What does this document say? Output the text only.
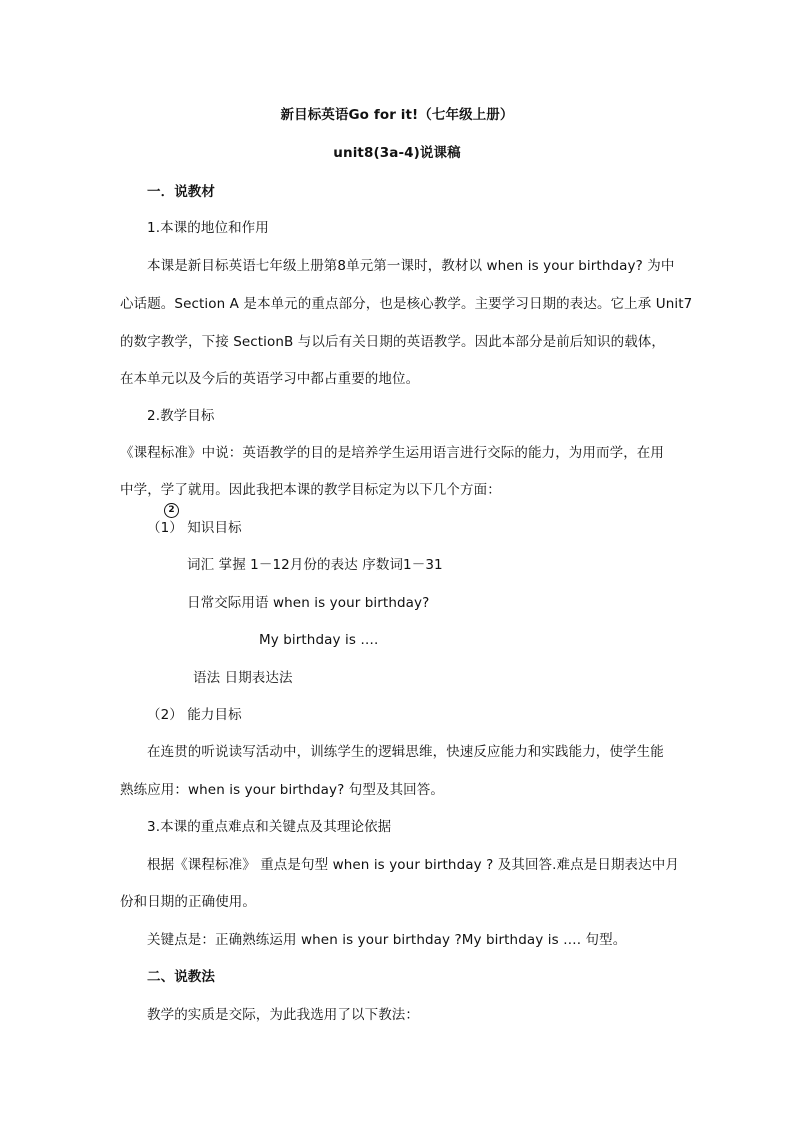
新目标英语Go for it!（七年级上册）
unit8(3a-4)说课稿
一．说教材
1.本课的地位和作用
本课是新目标英语七年级上册第8单元第一课时，教材以 when is your birthday? 为中
心话题。Section A 是本单元的重点部分，也是核心教学。主要学习日期的表达。它上承 Unit7
的数字教学，下接 SectionB 与以后有关日期的英语教学。因此本部分是前后知识的载体，
在本单元以及今后的英语学习中都占重要的地位。
2.教学目标
《课程标准》中说：英语教学的目的是培养学生运用语言进行交际的能力，为用而学，在用
中学，学了就用。因此我把本课的教学目标定为以下几个方面：
2
（1） 知识目标
词汇 掌握 1－12月份的表达 序数词1－31
日常交际用语 when is your birthday?
My birthday is ….
语法 日期表达法
（2） 能力目标
在连贯的听说读写活动中，训练学生的逻辑思维，快速反应能力和实践能力，使学生能
熟练应用：when is your birthday? 句型及其回答。
3.本课的重点难点和关键点及其理论依据
根据《课程标准》 重点是句型 when is your birthday ? 及其回答.难点是日期表达中月
份和日期的正确使用。
关键点是：正确熟练运用 when is your birthday ?My birthday is …. 句型。
二、说教法
教学的实质是交际，为此我选用了以下教法：
